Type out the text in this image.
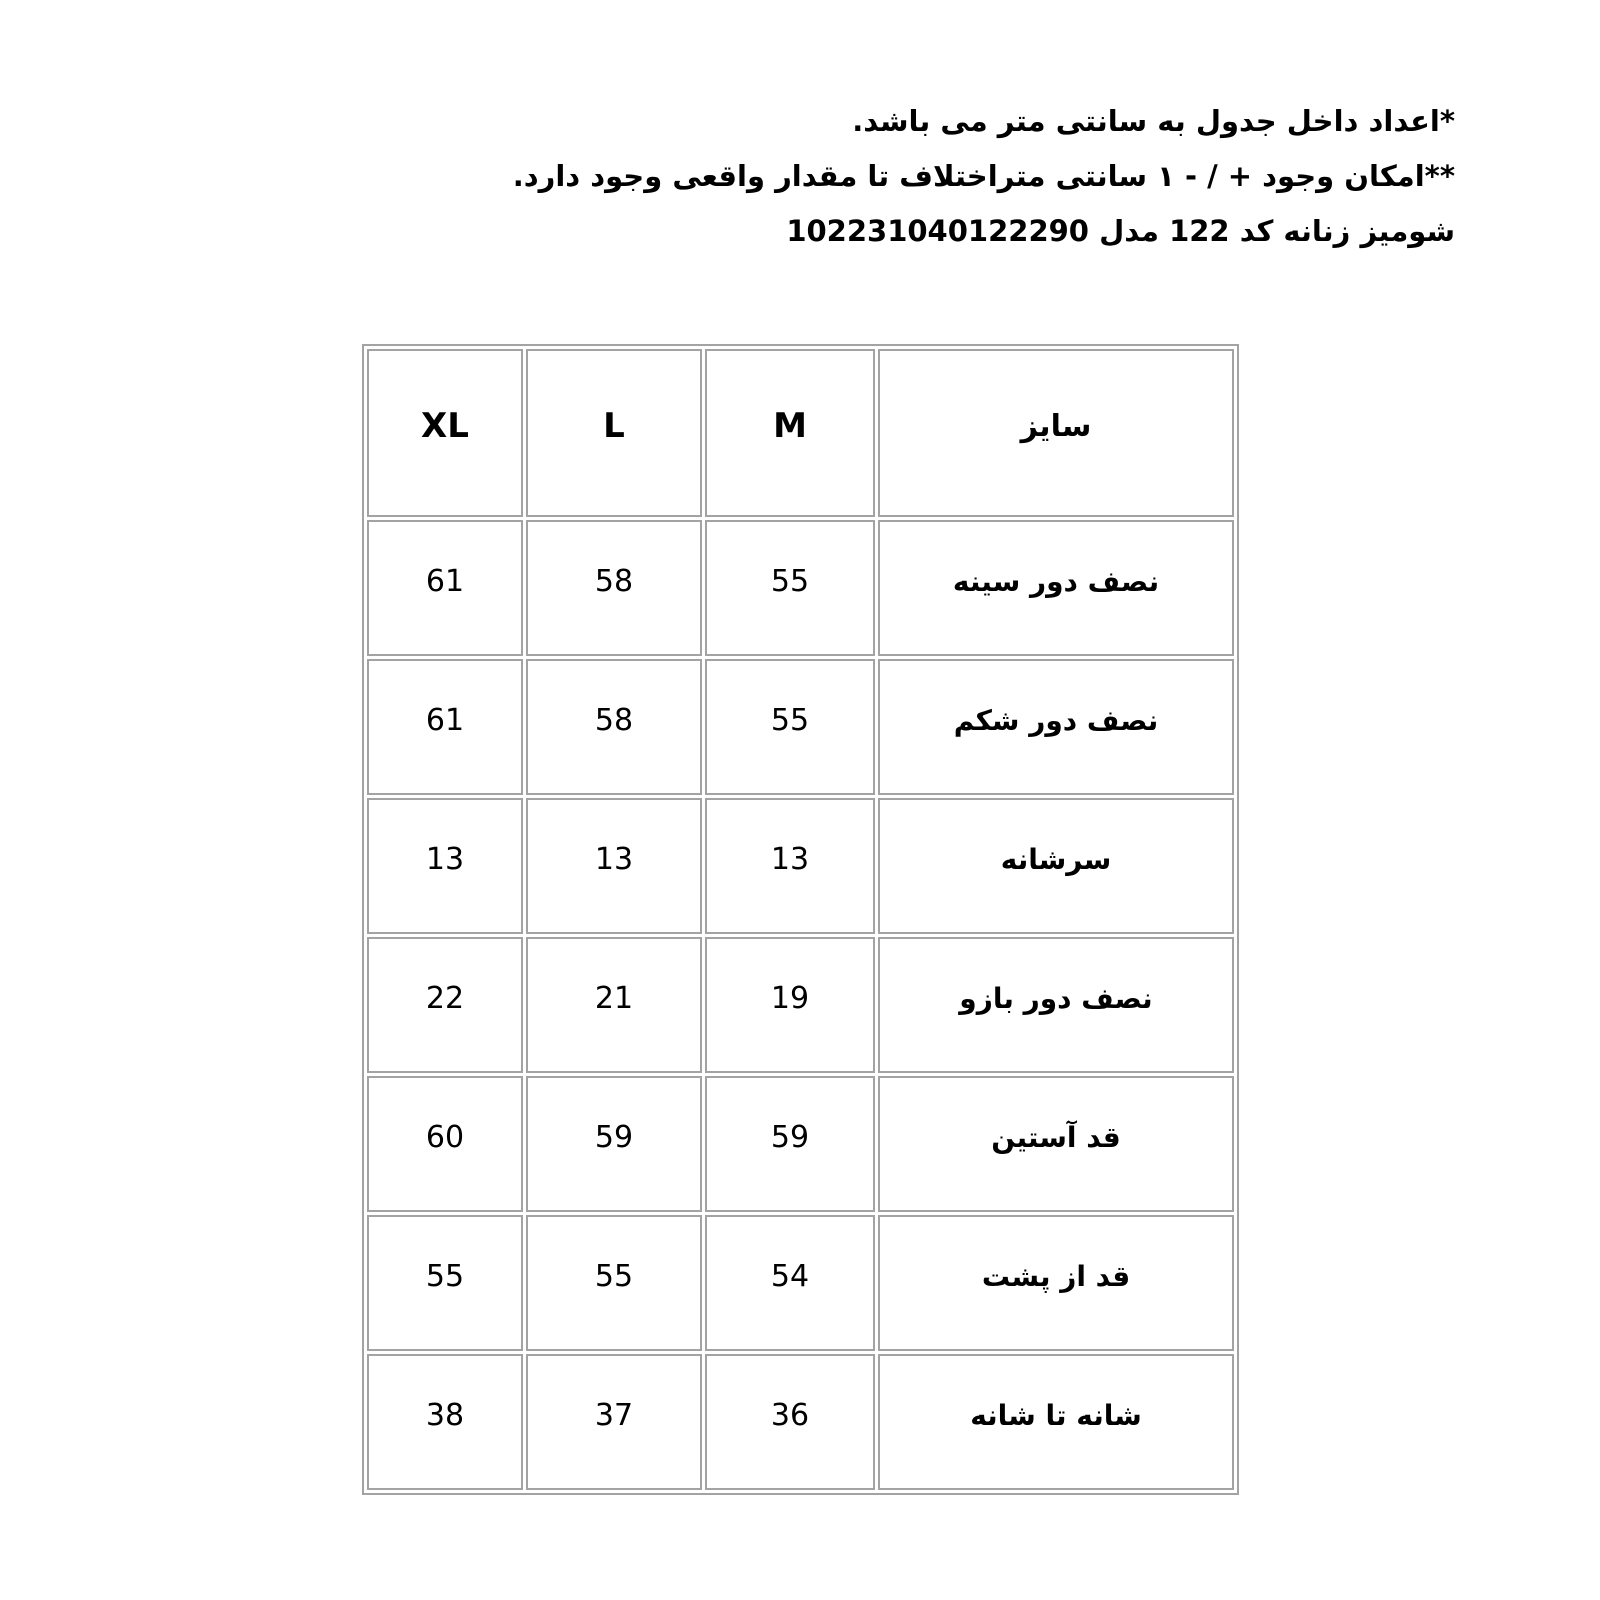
*اعداد داخل جدول به سانتی متر می باشد.
**امکان وجود + / - ۱ سانتی متراختلاف تا مقدار واقعی وجود دارد.
شومیز زنانه کد 122 مدل 102231040122290
سایز	M	L	XL
نصف دور سینه	55	58	61
نصف دور شکم	55	58	61
سرشانه	13	13	13
نصف دور بازو	19	21	22
قد آستین	59	59	60
قد از پشت	54	55	55
شانه تا شانه	36	37	38
